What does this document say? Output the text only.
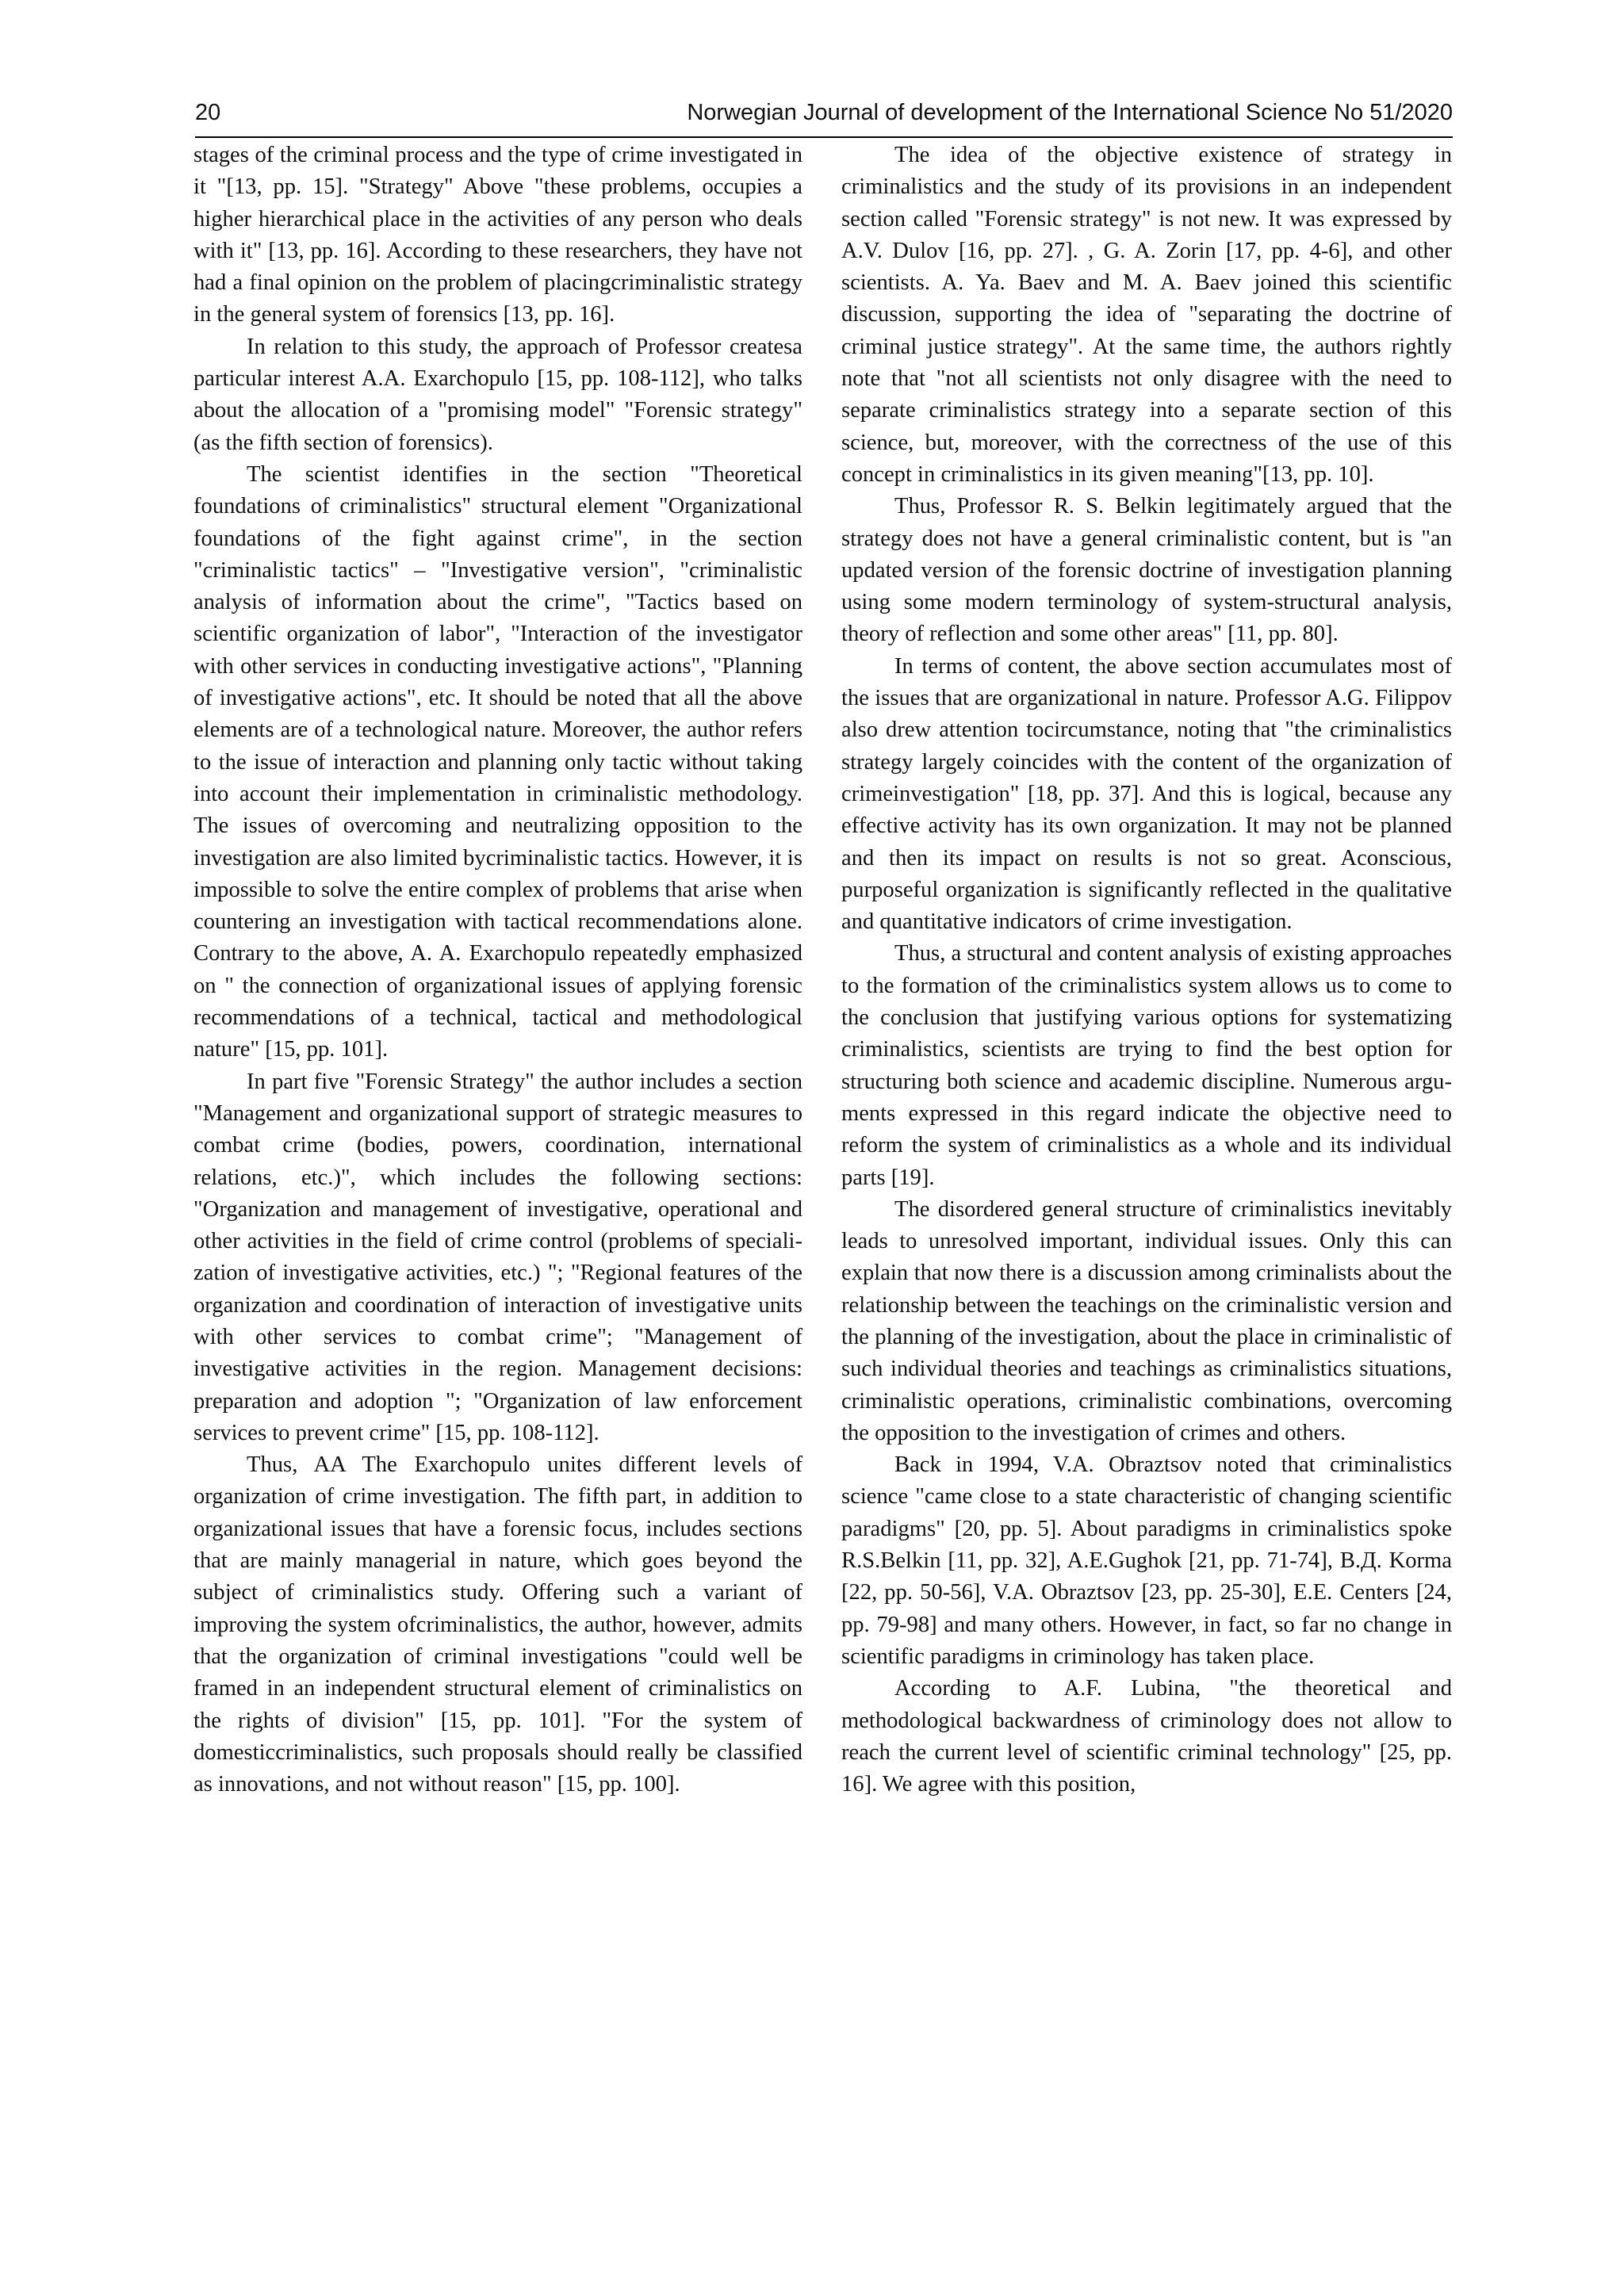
20	Norwegian Journal of development of the International Science No 51/2020

stages of the criminal process and the type of crime investigated in it "[13, pp. 15]. "Strategy" Above "these problems, occupies a higher hierarchical place in the activities of any person who deals with it" [13, pp. 16]. According to these researchers, they have not had a final opinion on the problem of placingcriminalistic strategy in the general system of forensics [13, pp. 16].

In relation to this study, the approach of Professor createsa particular interest A.A. Exarchopulo [15, pp. 108-112], who talks about the allocation of a "promising model" "Forensic strategy" (as the fifth section of forensics).

The scientist identifies in the section "Theoretical foundations of criminalistics" structural element "Organizational foundations of the fight against crime", in the section "criminalistic tactics" – "Investigative version", "criminalistic analysis of information about the crime", "Tactics based on scientific organization of labor", "Interaction of the investigator with other services in conducting investigative actions", "Planning of investigative actions", etc. It should be noted that all the above elements are of a technological nature. Moreover, the author refers to the issue of interaction and planning only tactic without taking into account their implementation in criminalistic methodology. The issues of overcoming and neutralizing opposition to the investigation are also limited bycriminalistic tactics. However, it is impossible to solve the entire complex of problems that arise when countering an investigation with tactical recommendations alone. Contrary to the above, A. A. Exarchopulo repeatedly emphasized on " the connection of organizational issues of applying forensic recommendations of a technical, tactical and methodological nature" [15, pp. 101].

In part five "Forensic Strategy" the author includes a section "Management and organizational support of strategic measures to combat crime (bodies, powers, coordination, international relations, etc.)", which includes the following sections: "Organization and management of investigative, operational and other activities in the field of crime control (problems of specialization of investigative activities, etc.) "; "Regional features of the organization and coordination of interaction of investigative units with other services to combat crime"; "Management of investigative activities in the region. Management decisions: preparation and adoption "; "Organization of law enforcement services to prevent crime" [15, pp. 108-112].

Thus, AA The Exarchopulo unites different levels of organization of crime investigation. The fifth part, in addition to organizational issues that have a forensic focus, includes sections that are mainly managerial in nature, which goes beyond the subject of criminalistics study. Offering such a variant of improving the system ofcriminalistics, the author, however, admits that the organization of criminal investigations "could well be framed in an independent structural element of criminalistics on the rights of division" [15, pp. 101]. "For the system of domesticcriminalistics, such proposals should really be classified as innovations, and not without reason" [15, pp. 100].

The idea of the objective existence of strategy in criminalistics and the study of its provisions in an independent section called "Forensic strategy" is not new. It was expressed by A.V. Dulov [16, pp. 27]. , G. A. Zorin [17, pp. 4-6], and other scientists. A. Ya. Baev and M. A. Baev joined this scientific discussion, supporting the idea of "separating the doctrine of criminal justice strategy". At the same time, the authors rightly note that "not all scientists not only disagree with the need to separate criminalistics strategy into a separate section of this science, but, moreover, with the correctness of the use of this concept in criminalistics in its given meaning"[13, pp. 10].

Thus, Professor R. S. Belkin legitimately argued that the strategy does not have a general criminalistic content, but is "an updated version of the forensic doctrine of investigation planning using some modern terminology of system-structural analysis, theory of reflection and some other areas" [11, pp. 80].

In terms of content, the above section accumulates most of the issues that are organizational in nature. Professor A.G. Filippov also drew attention tocircumstance, noting that "the criminalistics strategy largely coincides with the content of the organization of crimeinvestigation" [18, pp. 37]. And this is logical, because any effective activity has its own organization. It may not be planned and then its impact on results is not so great. Aconscious, purposeful organization is significantly reflected in the qualitative and quantitative indicators of crime investigation.

Thus, a structural and content analysis of existing approaches to the formation of the criminalistics system allows us to come to the conclusion that justifying various options for systematizing criminalistics, scientists are trying to find the best option for structuring both science and academic discipline. Numerous arguments expressed in this regard indicate the objective need to reform the system of criminalistics as a whole and its individual parts [19].

The disordered general structure of criminalistics inevitably leads to unresolved important, individual issues. Only this can explain that now there is a discussion among criminalists about the relationship between the teachings on the criminalistic version and the planning of the investigation, about the place in criminalistic of such individual theories and teachings as criminalistics situations, criminalistic operations, criminalistic combinations, overcoming the opposition to the investigation of crimes and others.

Back in 1994, V.A. Obraztsov noted that criminalistics science "came close to a state characteristic of changing scientific paradigms" [20, pp. 5]. About paradigms in criminalistics spoke R.S.Belkin [11, pp. 32], A.E.Gughok [21, pp. 71-74], В.Д. Korma [22, pp. 50-56], V.A. Obraztsov [23, pp. 25-30], E.E. Centers [24, pp. 79-98] and many others. However, in fact, so far no change in scientific paradigms in criminology has taken place.

According to A.F. Lubina, "the theoretical and methodological backwardness of criminology does not allow to reach the current level of scientific criminal technology" [25, pp. 16]. We agree with this position,
